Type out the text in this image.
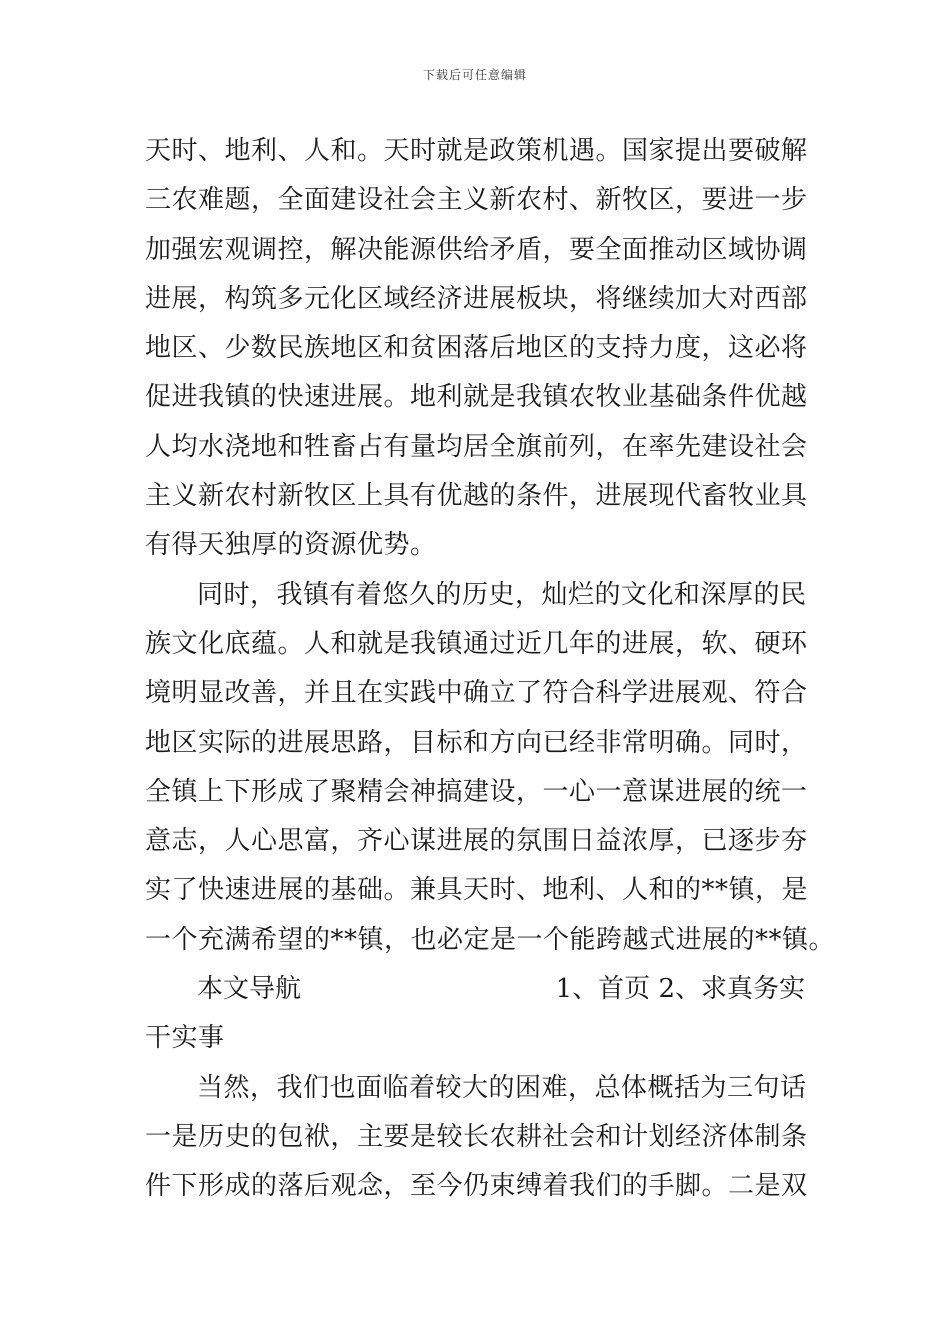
下载后可任意编辑
天时、地利、人和。天时就是政策机遇。国家提出要破解
三农难题，全面建设社会主义新农村、新牧区，要进一步
加强宏观调控，解决能源供给矛盾，要全面推动区域协调
进展，构筑多元化区域经济进展板块，将继续加大对西部
地区、少数民族地区和贫困落后地区的支持力度，这必将
促进我镇的快速进展。地利就是我镇农牧业基础条件优越
人均水浇地和牲畜占有量均居全旗前列，在率先建设社会
主义新农村新牧区上具有优越的条件，进展现代畜牧业具
有得天独厚的资源优势。
同时，我镇有着悠久的历史，灿烂的文化和深厚的民
族文化底蕴。人和就是我镇通过近几年的进展，软、硬环
境明显改善，并且在实践中确立了符合科学进展观、符合
地区实际的进展思路，目标和方向已经非常明确。同时，
全镇上下形成了聚精会神搞建设，一心一意谋进展的统一
意志，人心思富，齐心谋进展的氛围日益浓厚，已逐步夯
实了快速进展的基础。兼具天时、地利、人和的**镇，是
一个充满希望的**镇，也必定是一个能跨越式进展的**镇。
本文导航	1、首页 2、求真务实
干实事
当然，我们也面临着较大的困难，总体概括为三句话
一是历史的包袱，主要是较长农耕社会和计划经济体制条
件下形成的落后观念，至今仍束缚着我们的手脚。二是双
